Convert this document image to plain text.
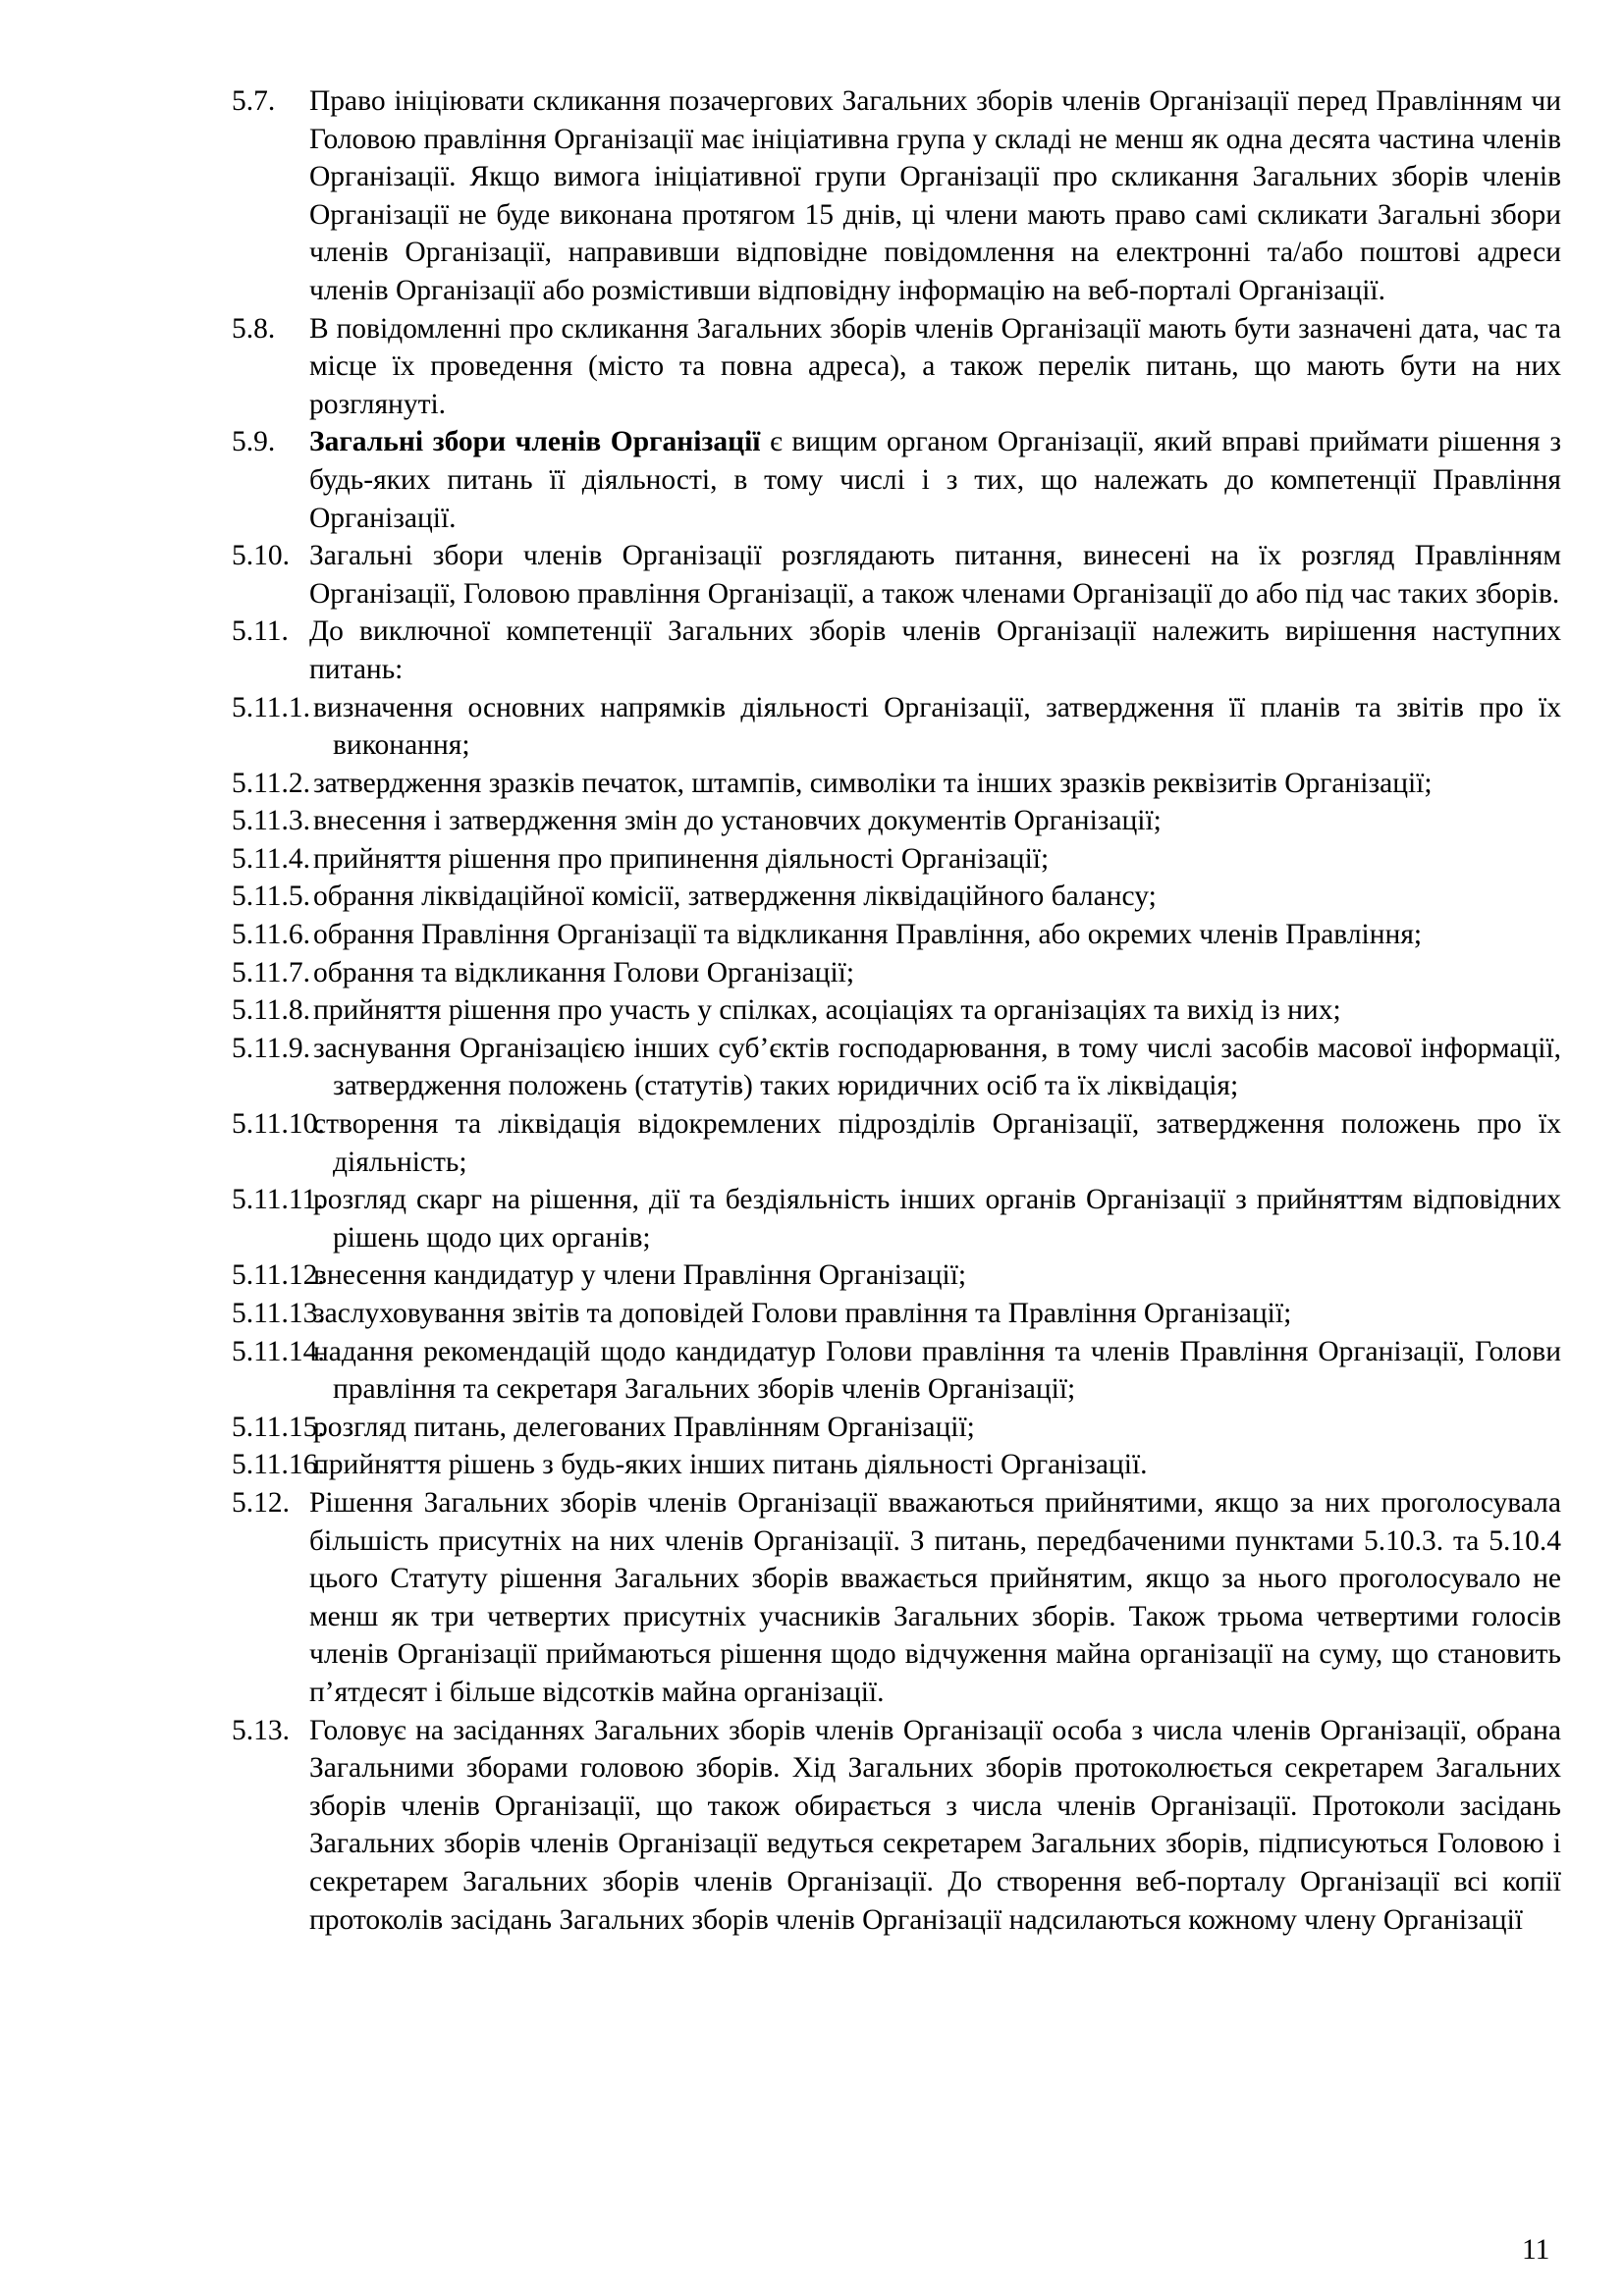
5.7.	Право ініціювати скликання позачергових Загальних зборів членів Організації перед Правлінням чи Головою правління Організації має ініціативна група у складі не менш як одна десята частина членів Організації. Якщо вимога ініціативної групи Організації про скликання Загальних зборів членів Організації не буде виконана протягом 15 днів, ці члени мають право самі скликати Загальні збори членів Організації, направивши відповідне повідомлення на електронні та/або поштові адреси членів Організації або розмістивши відповідну інформацію на веб-порталі Організації.
5.8.	В повідомленні про скликання Загальних зборів членів Організації мають бути зазначені дата, час та місце їх проведення (місто та повна адреса), а також перелік питань, що мають бути на них розглянуті.
5.9.	Загальні збори членів Організації є вищим органом Організації, який вправі приймати рішення з будь-яких питань її діяльності, в тому числі і з тих, що належать до компетенції Правління Організації.
5.10. Загальні збори членів Організації розглядають питання, винесені на їх розгляд Правлінням Організації, Головою правління Організації, а також членами Організації до або під час таких зборів.
5.11. До виключної компетенції Загальних зборів членів Організації належить вирішення наступних питань:
5.11.1. визначення основних напрямків діяльності Організації, затвердження її планів та звітів про їх виконання;
5.11.2. затвердження зразків печаток, штампів, символіки та інших зразків реквізитів Організації;
5.11.3. внесення і затвердження змін до установчих документів Організації;
5.11.4. прийняття рішення про припинення діяльності Організації;
5.11.5. обрання ліквідаційної комісії, затвердження ліквідаційного балансу;
5.11.6. обрання Правління Організації та відкликання Правління, або окремих членів Правління;
5.11.7. обрання та відкликання Голови Організації;
5.11.8. прийняття рішення про участь у спілках, асоціаціях та організаціях та вихід із них;
5.11.9. заснування Організацією інших суб’єктів господарювання, в тому числі засобів масової інформації, затвердження положень (статутів) таких юридичних осіб та їх ліквідація;
5.11.10.
створення та ліквідація відокремлених підрозділів Організації, затвердження положень про їх діяльність;
5.11.11.
розгляд скарг на рішення, дії та бездіяльність інших органів Організації з прийняттям відповідних рішень щодо цих органів;
5.11.12.
внесення кандидатур у члени Правління Організації;
5.11.13.
заслуховування звітів та доповідей Голови правління та Правління Організації;
5.11.14.
надання рекомендацій щодо кандидатур Голови правління та членів Правління Організації, Голови правління та секретаря Загальних зборів членів Організації;
5.11.15.
розгляд питань, делегованих Правлінням Організації;
5.11.16.
прийняття рішень з будь-яких інших питань діяльності Організації.
5.12. Рішення Загальних зборів членів Організації вважаються прийнятими, якщо за них проголосувала більшість присутніх на них членів Організації. З питань, передбаченими пунктами 5.10.3. та 5.10.4 цього Статуту рішення Загальних зборів вважається прийнятим, якщо за нього проголосувало не менш як три четвертих присутніх учасників Загальних зборів. Також трьома четвертими голосів членів Організації приймаються рішення щодо відчуження майна організації на суму, що становить п’ятдесят і більше відсотків майна організації.
5.13. Головує на засіданнях Загальних зборів членів Організації особа з числа членів Організації, обрана Загальними зборами головою зборів. Хід Загальних зборів протоколюється секретарем Загальних зборів членів Організації, що також обирається з числа членів Організації. Протоколи засідань Загальних зборів членів Організації ведуться секретарем Загальних зборів, підписуються Головою і секретарем Загальних зборів членів Організації. До створення веб-порталу Організації всі копії протоколів засідань Загальних зборів членів Організації надсилаються кожному члену Організації
11
